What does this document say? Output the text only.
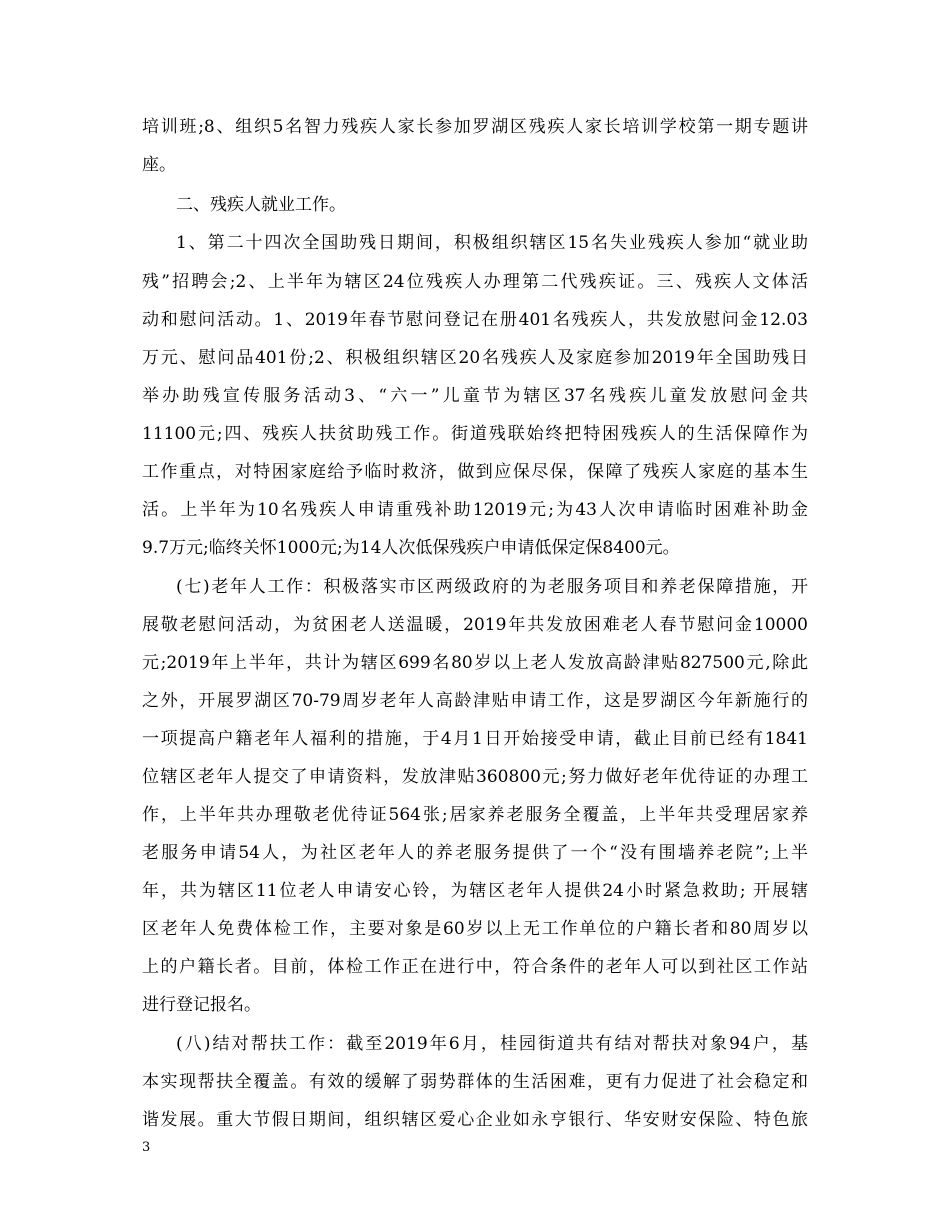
培训班;8、组织5名智力残疾人家长参加罗湖区残疾人家长培训学校第一期专题讲
座。
二、残疾人就业工作。
1、第二十四次全国助残日期间，积极组织辖区15名失业残疾人参加“就业助
残”招聘会;2、上半年为辖区24位残疾人办理第二代残疾证。三、残疾人文体活
动和慰问活动。1、2019年春节慰问登记在册401名残疾人，共发放慰问金12.03
万元、慰问品401份;2、积极组织辖区20名残疾人及家庭参加2019年全国助残日
举办助残宣传服务活动3、“六一”儿童节为辖区37名残疾儿童发放慰问金共
11100元;四、残疾人扶贫助残工作。街道残联始终把特困残疾人的生活保障作为
工作重点，对特困家庭给予临时救济，做到应保尽保，保障了残疾人家庭的基本生
活。上半年为10名残疾人申请重残补助12019元;为43人次申请临时困难补助金
9.7万元;临终关怀1000元;为14人次低保残疾户申请低保定保8400元。
(七)老年人工作：积极落实市区两级政府的为老服务项目和养老保障措施，开
展敬老慰问活动，为贫困老人送温暖，2019年共发放困难老人春节慰问金10000
元;2019年上半年，共计为辖区699名80岁以上老人发放高龄津贴827500元,除此
之外，开展罗湖区70-79周岁老年人高龄津贴申请工作，这是罗湖区今年新施行的
一项提高户籍老年人福利的措施，于4月1日开始接受申请，截止目前已经有1841
位辖区老年人提交了申请资料，发放津贴360800元;努力做好老年优待证的办理工
作，上半年共办理敬老优待证564张;居家养老服务全覆盖，上半年共受理居家养
老服务申请54人，为社区老年人的养老服务提供了一个“没有围墙养老院”;上半
年，共为辖区11位老人申请安心铃，为辖区老年人提供24小时紧急救助; 开展辖
区老年人免费体检工作，主要对象是60岁以上无工作单位的户籍长者和80周岁以
上的户籍长者。目前，体检工作正在进行中，符合条件的老年人可以到社区工作站
进行登记报名。
(八)结对帮扶工作：截至2019年6月，桂园街道共有结对帮扶对象94户，基
本实现帮扶全覆盖。有效的缓解了弱势群体的生活困难，更有力促进了社会稳定和
谐发展。重大节假日期间，组织辖区爱心企业如永亨银行、华安财安保险、特色旅
3
